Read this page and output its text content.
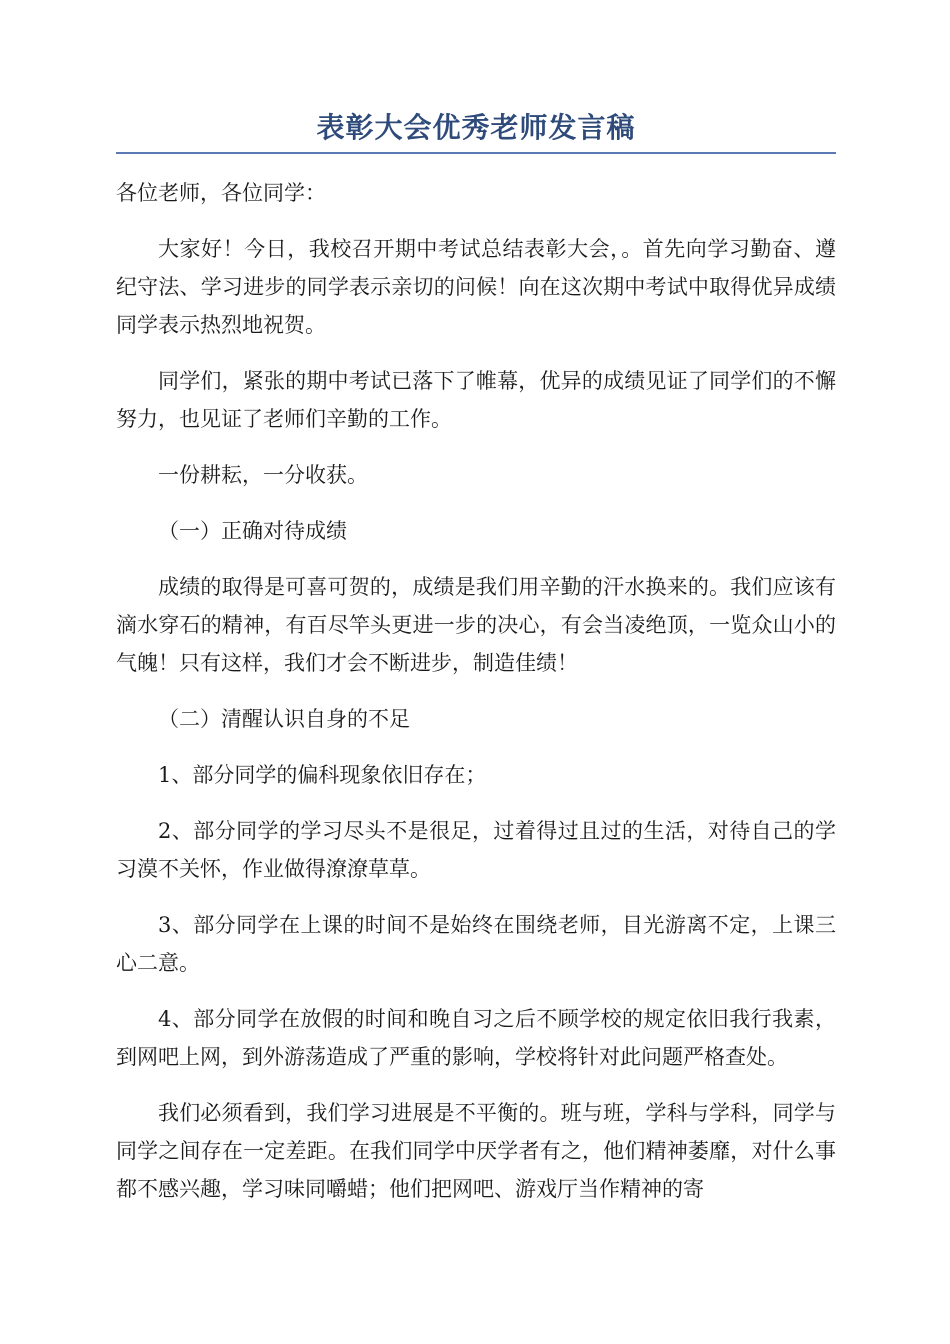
表彰大会优秀老师发言稿

各位老师，各位同学：

大家好！今日，我校召开期中考试总结表彰大会，。首先向学习勤奋、遵纪守法、学习进步的同学表示亲切的问候！向在这次期中考试中取得优异成绩同学表示热烈地祝贺。

同学们，紧张的期中考试已落下了帷幕，优异的成绩见证了同学们的不懈努力，也见证了老师们辛勤的工作。

一份耕耘，一分收获。

（一）正确对待成绩

成绩的取得是可喜可贺的，成绩是我们用辛勤的汗水换来的。我们应该有滴水穿石的精神，有百尽竿头更进一步的决心，有会当凌绝顶，一览众山小的气魄！只有这样，我们才会不断进步，制造佳绩！

（二）清醒认识自身的不足

1、部分同学的偏科现象依旧存在；

2、部分同学的学习尽头不是很足，过着得过且过的生活，对待自己的学习漠不关怀，作业做得潦潦草草。

3、部分同学在上课的时间不是始终在围绕老师，目光游离不定，上课三心二意。

4、部分同学在放假的时间和晚自习之后不顾学校的规定依旧我行我素，到网吧上网，到外游荡造成了严重的影响，学校将针对此问题严格查处。

我们必须看到，我们学习进展是不平衡的。班与班，学科与学科，同学与同学之间存在一定差距。在我们同学中厌学者有之，他们精神萎靡，对什么事都不感兴趣，学习味同嚼蜡；他们把网吧、游戏厅当作精神的寄
